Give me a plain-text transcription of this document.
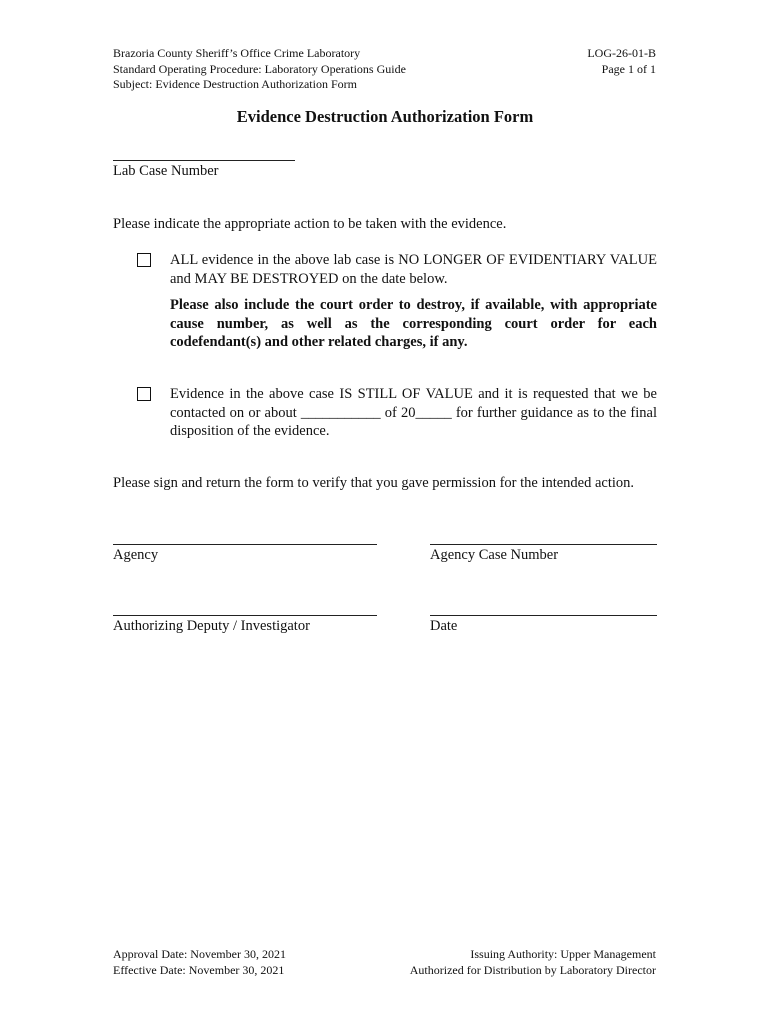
Brazoria County Sheriff’s Office Crime Laboratory
Standard Operating Procedure: Laboratory Operations Guide
Subject: Evidence Destruction Authorization Form
LOG-26-01-B
Page 1 of 1
Evidence Destruction Authorization Form
Lab Case Number
Please indicate the appropriate action to be taken with the evidence.
ALL evidence in the above lab case is NO LONGER OF EVIDENTIARY VALUE and MAY BE DESTROYED on the date below.
Please also include the court order to destroy, if available, with appropriate cause number, as well as the corresponding court order for each codefendant(s) and other related charges, if any.
Evidence in the above case IS STILL OF VALUE and it is requested that we be contacted on or about ___________ of 20_____ for further guidance as to the final disposition of the evidence.
Please sign and return the form to verify that you gave permission for the intended action.
Agency	Agency Case Number
Authorizing Deputy / Investigator	Date
Approval Date: November 30, 2021
Effective Date: November 30, 2021
Issuing Authority: Upper Management
Authorized for Distribution by Laboratory Director
